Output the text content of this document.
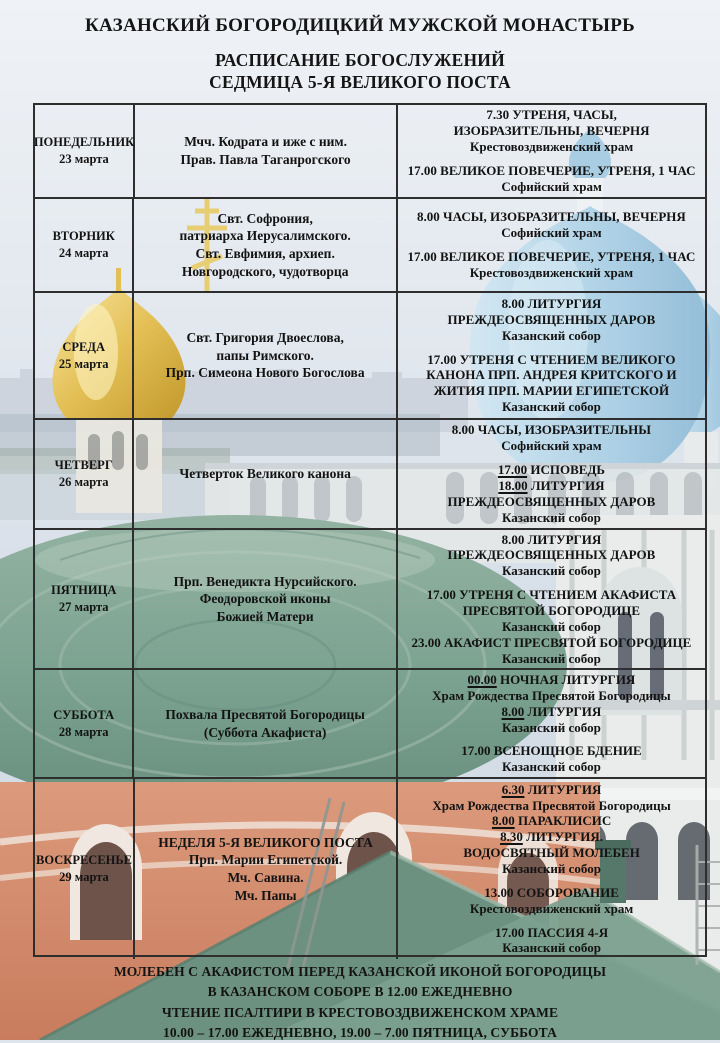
КАЗАНСКИЙ БОГОРОДИЦКИЙ МУЖСКОЙ МОНАСТЫРЬ
РАСПИСАНИЕ БОГОСЛУЖЕНИЙ
СЕДМИЦА 5-Я ВЕЛИКОГО ПОСТА
ПОНЕДЕЛЬНИК
23 марта
Мчч. Кодрата и иже с ним.
Прав. Павла Таганрогского
7.30 УТРЕНЯ, ЧАСЫ,
ИЗОБРАЗИТЕЛЬНЫ, ВЕЧЕРНЯ
Крестовоздвиженский храм
17.00 ВЕЛИКОЕ ПОВЕЧЕРИЕ, УТРЕНЯ, 1 ЧАС
Софийский храм
ВТОРНИК
24 марта
Свт. Софрония,
патриарха Иерусалимского.
Свт. Евфимия, архиеп.
Новгородского, чудотворца
8.00 ЧАСЫ, ИЗОБРАЗИТЕЛЬНЫ, ВЕЧЕРНЯ
Софийский храм
17.00 ВЕЛИКОЕ ПОВЕЧЕРИЕ, УТРЕНЯ, 1 ЧАС
Крестовоздвиженский храм
СРЕДА
25 марта
Свт. Григория Двоеслова,
папы Римского.
Прп. Симеона Нового Богослова
8.00 ЛИТУРГИЯ
ПРЕЖДЕОСВЯЩЕННЫХ ДАРОВ
Казанский собор
17.00 УТРЕНЯ С ЧТЕНИЕМ ВЕЛИКОГО
КАНОНА ПРП. АНДРЕЯ КРИТСКОГО И
ЖИТИЯ ПРП. МАРИИ ЕГИПЕТСКОЙ
Казанский собор
ЧЕТВЕРГ
26 марта
Четверток Великого канона
8.00 ЧАСЫ, ИЗОБРАЗИТЕЛЬНЫ
Софийский храм
17.00 ИСПОВЕДЬ
18.00 ЛИТУРГИЯ
ПРЕЖДЕОСВЯЩЕННЫХ ДАРОВ
Казанский собор
ПЯТНИЦА
27 марта
Прп. Венедикта Нурсийского.
Феодоровской иконы
Божией Матери
8.00 ЛИТУРГИЯ
ПРЕЖДЕОСВЯЩЕННЫХ ДАРОВ
Казанский собор
17.00 УТРЕНЯ С ЧТЕНИЕМ АКАФИСТА
ПРЕСВЯТОЙ БОГОРОДИЦЕ
Казанский собор
23.00 АКАФИСТ ПРЕСВЯТОЙ БОГОРОДИЦЕ
Казанский собор
СУББОТА
28 марта
Похвала Пресвятой Богородицы
(Суббота Акафиста)
00.00 НОЧНАЯ ЛИТУРГИЯ
Храм Рождества Пресвятой Богородицы
8.00 ЛИТУРГИЯ
Казанский собор
17.00 ВСЕНОЩНОЕ БДЕНИЕ
Казанский собор
ВОСКРЕСЕНЬЕ
29 марта
НЕДЕЛЯ 5-Я ВЕЛИКОГО ПОСТА
Прп. Марии Египетской.
Мч. Савина.
Мч. Папы
6.30 ЛИТУРГИЯ
Храм Рождества Пресвятой Богородицы
8.00 ПАРАКЛИСИС
8.30 ЛИТУРГИЯ.
ВОДОСВЯТНЫЙ МОЛЕБЕН
Казанский собор
13.00 СОБОРОВАНИЕ
Крестовоздвиженский храм
17.00 ПАССИЯ 4-Я
Казанский собор
МОЛЕБЕН С АКАФИСТОМ ПЕРЕД КАЗАНСКОЙ ИКОНОЙ БОГОРОДИЦЫ
В КАЗАНСКОМ СОБОРЕ В 12.00 ЕЖЕДНЕВНО
ЧТЕНИЕ ПСАЛТИРИ В КРЕСТОВОЗДВИЖЕНСКОМ ХРАМЕ
10.00 – 17.00 ЕЖЕДНЕВНО, 19.00 – 7.00 ПЯТНИЦА, СУББОТА
